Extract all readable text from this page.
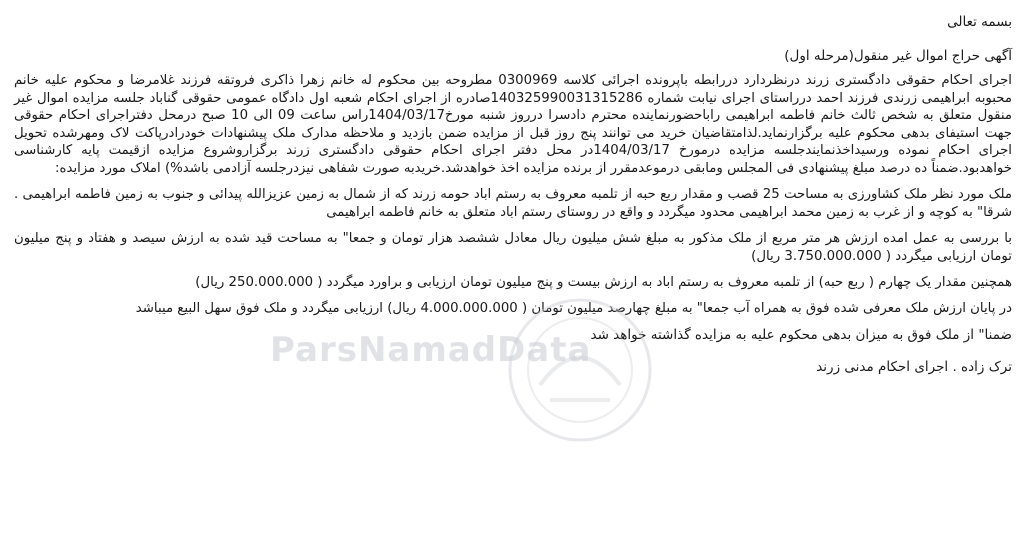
بسمه تعالی

آگهی حراج اموال غیر منقول(مرحله اول)

اجرای احکام حقوقی دادگستری زرند درنظردارد دررابطه باپرونده اجرائی کلاسه 0300969 مطروحه بین محکوم له خانم زهرا ذاکری فروتقه فرزند غلامرضا و محکوم علیه خانم محبوبه ابراهیمی زرندی فرزند احمد درراستای اجرای نیابت شماره 140325990031315286صادره از اجرای احکام شعبه اول دادگاه عمومی حقوقی گناباد جلسه مزایده اموال غیر منقول متعلق به شخص ثالث خانم فاطمه ابراهیمی راباحضورنماینده محترم دادسرا درروز شنبه مورخ1404/03/17راس ساعت 09 الی 10 صبح درمحل دفتراجرای احکام حقوقی جهت استیفای بدهی محکوم علیه برگزارنماید.لذامتقاضیان خرید می توانند پنج روز قبل از مزایده ضمن بازدید و ملاحظه مدارک ملک پیشنهادات خودرادرپاکت لاک ومهرشده تحویل اجرای احکام نموده ورسیداخذنمایندجلسه مزایده درمورخ 1404/03/17در محل دفتر اجرای احکام حقوقی دادگستری زرند برگزاروشروع مزایده ازقیمت پایه کارشناسی خواهدبود.ضمناً ده درصد مبلغ پیشنهادی فی المجلس ومابقی درموعدمقرر از برنده مزایده اخذ خواهدشد.خریدبه صورت شفاهی نیزدرجلسه آزادمی باشد%) املاک مورد مزایده:

ملک مورد نظر ملک کشاورزی به مساحت 25 قصب و مقدار ربع حبه از تلمبه معروف به رستم اباد حومه زرند که از شمال به زمین عزیزالله پیدائی و جنوب به زمین فاطمه ابراهیمی . شرقا" به کوچه و از غرب به زمین محمد ابراهیمی محدود میگردد و واقع در روستای رستم اباد متعلق به خانم فاطمه ابراهیمی

با بررسی به عمل امده ارزش هر متر مربع از ملک مذکور به مبلغ شش میلیون ریال معادل ششصد هزار تومان و جمعا" به مساحت قید شده به ارزش سیصد و هفتاد و پنج میلیون تومان ارزیابی میگردد ( 3.750.000.000 ریال)

همچنین مقدار یک چهارم ( ربع حبه) از تلمبه معروف به رستم اباد به ارزش بیست و پنج میلیون تومان ارزیابی و براورد میگردد ( 250.000.000 ریال)

در پایان ارزش ملک معرفی شده فوق به همراه آب جمعا" به مبلغ چهارصد میلیون تومان ( 4.000.000.000 ریال) ارزیابی میگردد و ملک فوق سهل البیع میباشد

ضمنا" از ملک فوق به میزان بدهی محکوم علیه به مزایده گذاشته خواهد شد

ترک زاده . اجرای احکام مدنی زرند

ParsNamadData
